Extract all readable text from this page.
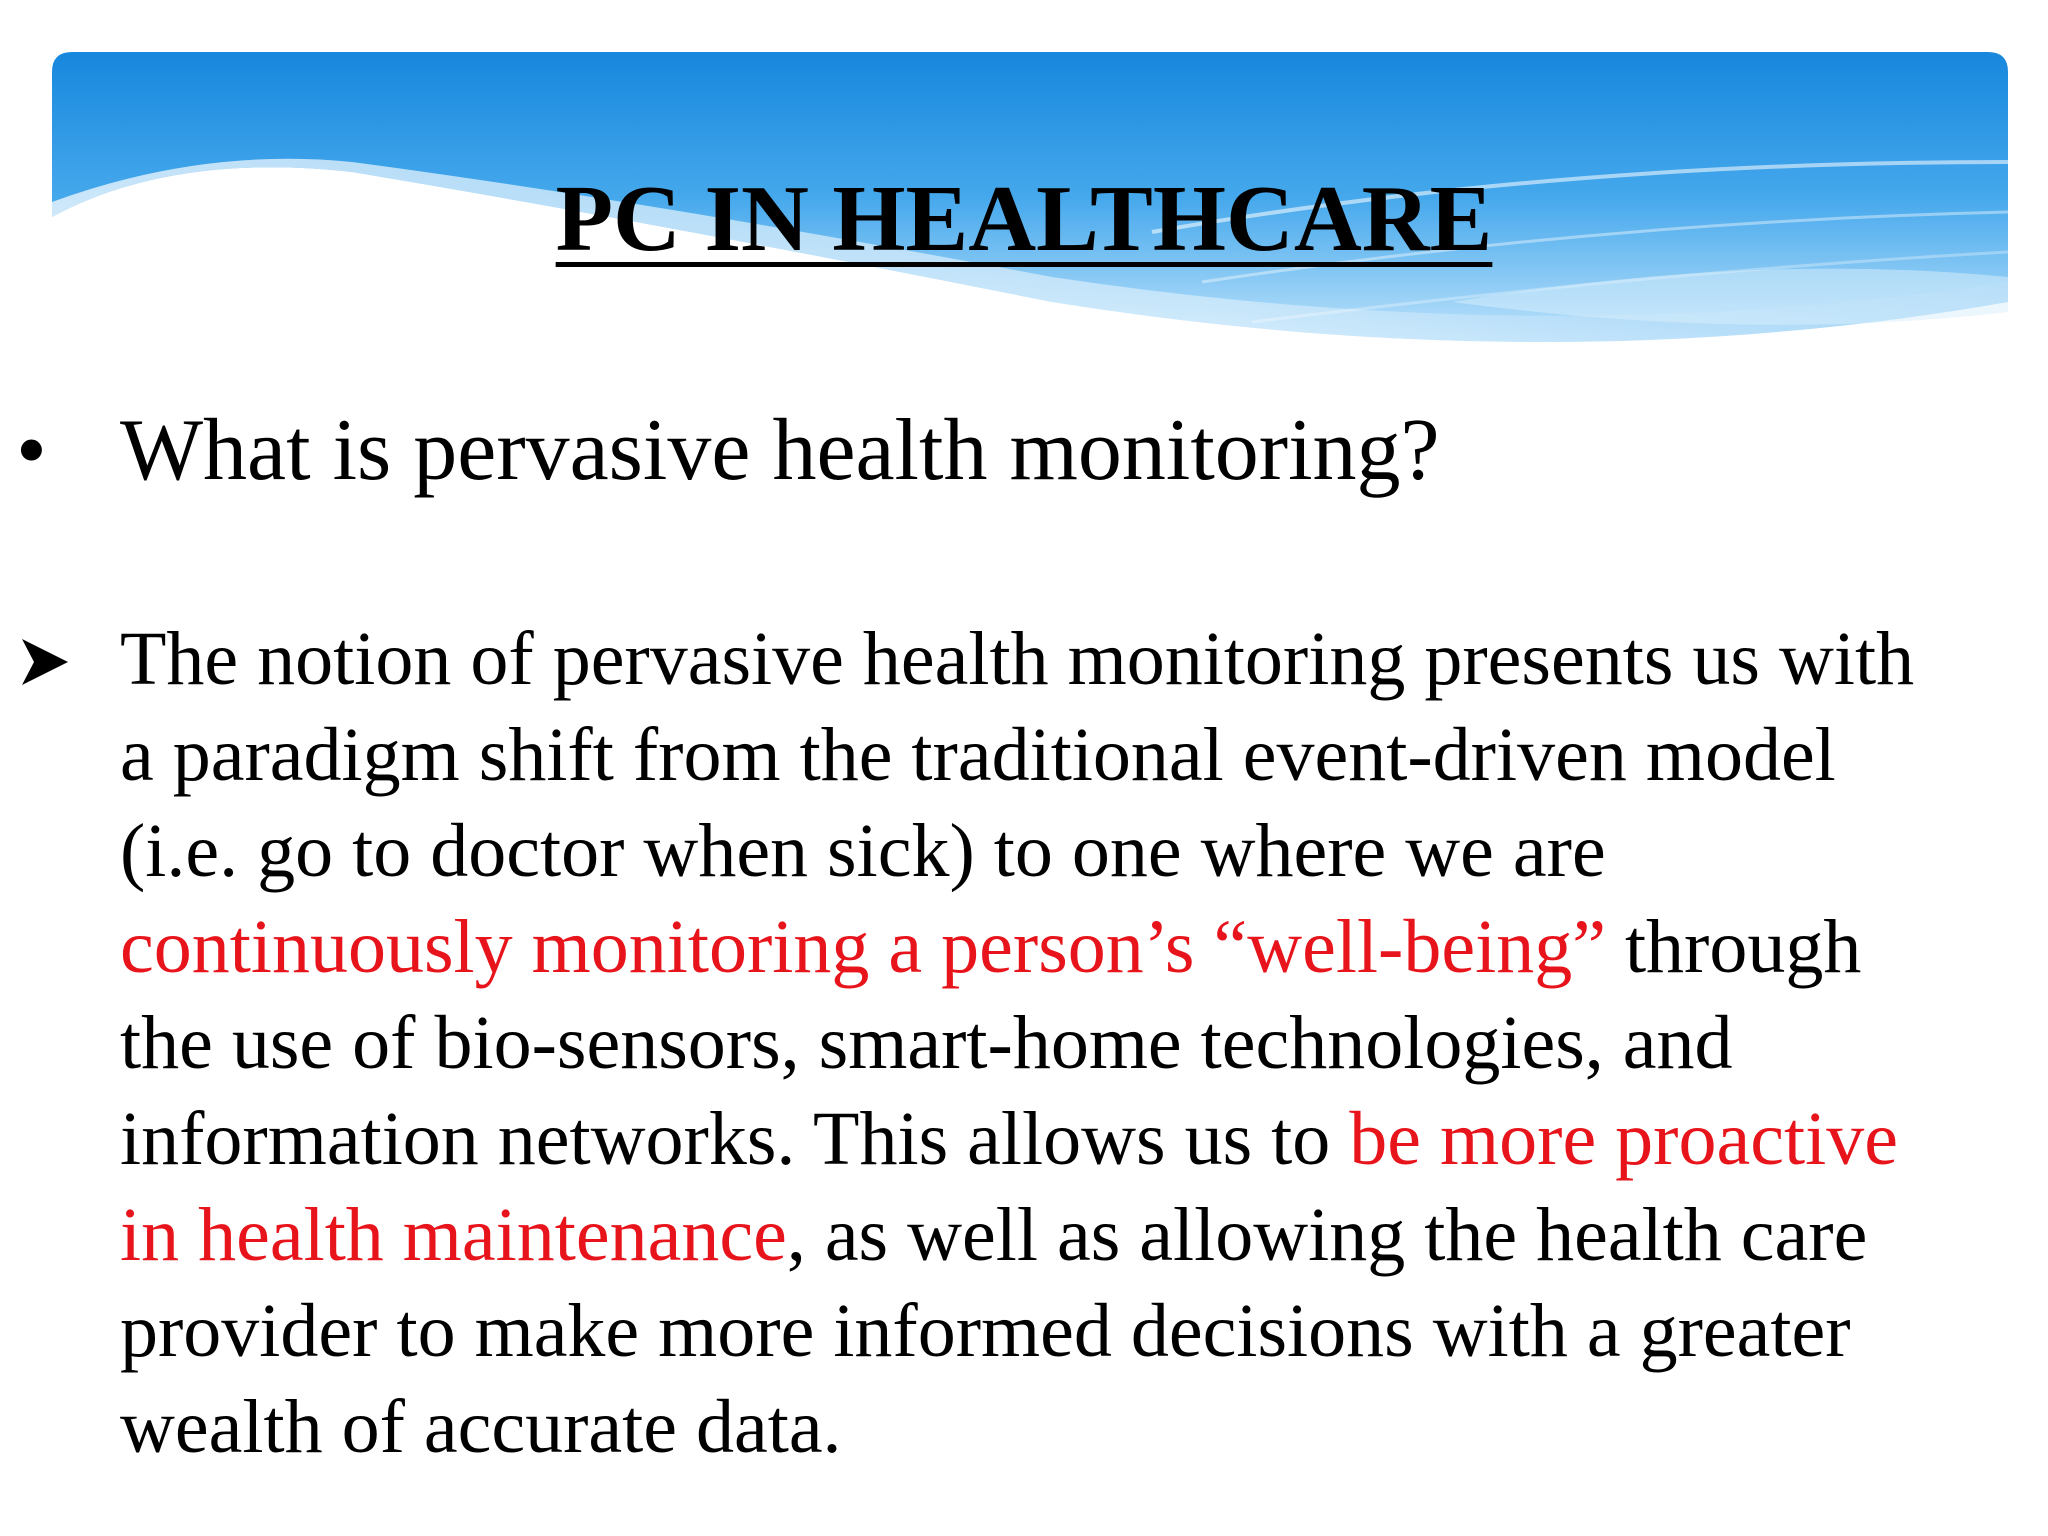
PC IN HEALTHCARE
• What is pervasive health monitoring?
The notion of pervasive health monitoring presents us with
a paradigm shift from the traditional event-driven model
(i.e. go to doctor when sick) to one where we are
continuously monitoring a person’s “well-being” through
the use of bio-sensors, smart-home technologies, and
information networks. This allows us to be more proactive
in health maintenance, as well as allowing the health care
provider to make more informed decisions with a greater
wealth of accurate data.
